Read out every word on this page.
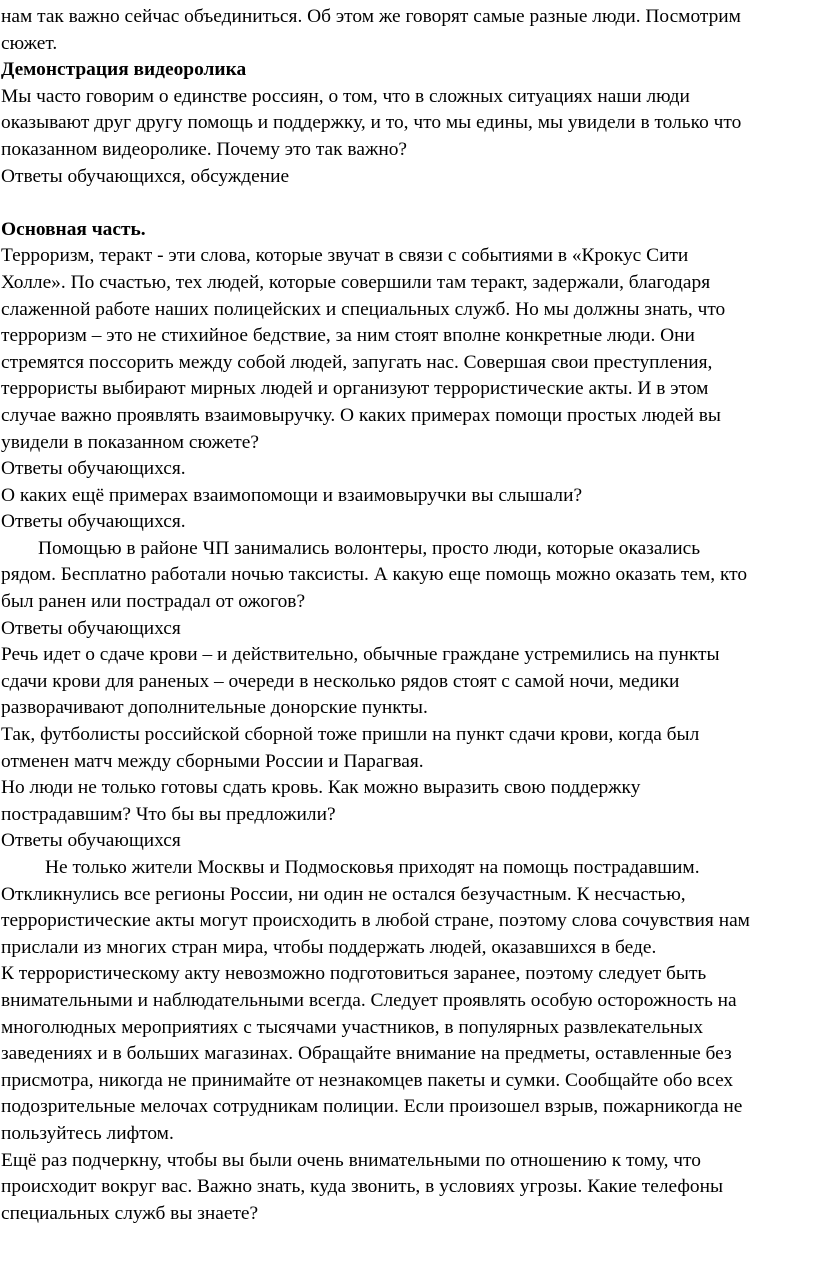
нам так важно сейчас объединиться. Об этом же говорят самые разные люди. Посмотрим
сюжет.
Демонстрация видеоролика
Мы часто говорим о единстве россиян, о том, что в сложных ситуациях наши люди
оказывают друг другу помощь и поддержку, и то, что мы едины, мы увидели в только что
показанном видеоролике. Почему это так важно?
Ответы обучающихся, обсуждение
Основная часть.
Терроризм, теракт - эти слова, которые звучат в связи с событиями в «Крокус Сити
Холле». По счастью, тех людей, которые совершили там теракт, задержали, благодаря
слаженной работе наших полицейских и специальных служб. Но мы должны знать, что
терроризм – это не стихийное бедствие, за ним стоят вполне конкретные люди. Они
стремятся поссорить между собой людей, запугать нас. Совершая свои преступления,
террористы выбирают мирных людей и организуют террористические акты. И в этом
случае важно проявлять взаимовыручку. О каких примерах помощи простых людей вы
увидели в показанном сюжете?
Ответы обучающихся.
О каких ещё примерах взаимопомощи и взаимовыручки вы слышали?
Ответы обучающихся.
Помощью в районе ЧП занимались волонтеры, просто люди, которые оказались
рядом. Бесплатно работали ночью таксисты. А какую еще помощь можно оказать тем, кто
был ранен или пострадал от ожогов?
Ответы обучающихся
Речь идет о сдаче крови – и действительно, обычные граждане устремились на пункты
сдачи крови для раненых – очереди в несколько рядов стоят с самой ночи, медики
разворачивают дополнительные донорские пункты.
Так, футболисты российской сборной тоже пришли на пункт сдачи крови, когда был
отменен матч между сборными России и Парагвая.
Но люди не только готовы сдать кровь. Как можно выразить свою поддержку
пострадавшим? Что бы вы предложили?
Ответы обучающихся
Не только жители Москвы и Подмосковья приходят на помощь пострадавшим.
Откликнулись все регионы России, ни один не остался безучастным. К несчастью,
террористические акты могут происходить в любой стране, поэтому слова сочувствия нам
прислали из многих стран мира, чтобы поддержать людей, оказавшихся в беде.
К террористическому акту невозможно подготовиться заранее, поэтому следует быть
внимательными и наблюдательными всегда. Следует проявлять особую осторожность на
многолюдных мероприятиях с тысячами участников, в популярных развлекательных
заведениях и в больших магазинах. Обращайте внимание на предметы, оставленные без
присмотра, никогда не принимайте от незнакомцев пакеты и сумки. Сообщайте обо всех
подозрительные мелочах сотрудникам полиции. Если произошел взрыв, пожарникогда не
пользуйтесь лифтом.
Ещё раз подчеркну, чтобы вы были очень внимательными по отношению к тому, что
происходит вокруг вас. Важно знать, куда звонить, в условиях угрозы. Какие телефоны
специальных служб вы знаете?
